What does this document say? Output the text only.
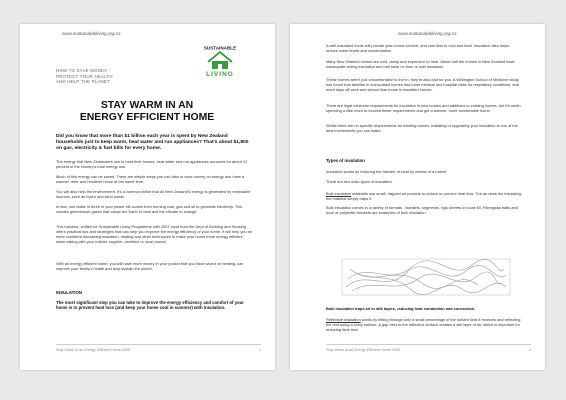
www.sustainableliving.org.nz
HOW TO SAVE MONEY,
PROTECT YOUR HEALTH
AND HELP THE PLANET
SUSTAINABLE
LIVING
STAY WARM IN AN
ENERGY EFFICIENT HOME
Did you know that more than $1 billion each year is spent by New Zealand households just to keep warm, heat water and run appliances? That's about $1,800 on gas, electricity & fuel bills for every home.
The energy that New Zealanders use to heat their homes, heat water and run appliances accounts for about 12 percent of the country's total energy use.
Much of this energy can be saved. There are simple steps you can take to save money on energy and have a warmer, drier and healthier home at the same time.
You will also help the environment. It's a common belief that all New Zealand's energy is generated by renewable sources, such as hydro and wind power.
In fact, one dollar in three of your power bill comes from burning coal, gas and oil to generate electricity. This creates greenhouse gases that cause the Earth to heat and the climate to change.
This handout, written for Sustainable Living Programme with 2007 input from the Dept of Building and Housing, offers practical tips and strategies that can help you improve the energy efficiency of your home. It will help you be more confident discussing insulation, heating and other techniques to make your home more energy efficient, when talking with your builder, supplier, architect or local council.
With an energy efficient home, you will have more money in your pocket that you have saved on heating, can improve your family's health and help sustain the planet.
INSULATION
The most significant step you can take to improve the energy efficiency and comfort of your home is to prevent heat loss (and keep your home cool in summer) with insulation.
Stay Warm in an Energy Efficient Home 2008	1
www.sustainableliving.org.nz
A well-insulated home will provide year-round comfort, and cost less to cool and heat. Insulation also helps reduce noise levels and condensation.
Many New Zealand homes are cold, damp and expensive to heat. About half the homes in New Zealand have inadequate ceiling insulation and half have no floor or wall insulation.
These homes aren't just uncomfortable to live in, they're also bad for you. A Wellington School of Medicine study has found that families in uninsulated homes had more medical and hospital visits for respiratory conditions, and more days off work and school than those in insulated homes.
There are legal minimum requirements for insulation in new homes and additions to existing homes, but it's worth spending a little more to exceed these requirements and get a warmer, more comfortable home.
Whilst there are no specific requirements for existing homes, installing or upgrading your insulation is one of the best investments you can make.
Types of insulation
Insulation works by reducing the transfer of heat by means of a barrier.
There are two main types of insulation.
Bulk insulation materials use small, trapped air pockets to reduce or prevent heat flow. The air does the insulating; the material simply traps it.
Bulk insulation comes in a variety of formats - blankets, segments, rigid sheets or loose fill. Fibreglass batts and wool or polyester blankets are examples of bulk insulation.
Bulk insulation traps air in still layers, reducing heat conduction and convection.
Reflective insulation works by letting through only a small percentage of the radiant heat it receives and reflecting the rest using a shiny surface. A gap next to the reflective surface creates a still layer of air, which is important for reducing heat flow.
Stay Warm in an Energy Efficient Home 2008	2
